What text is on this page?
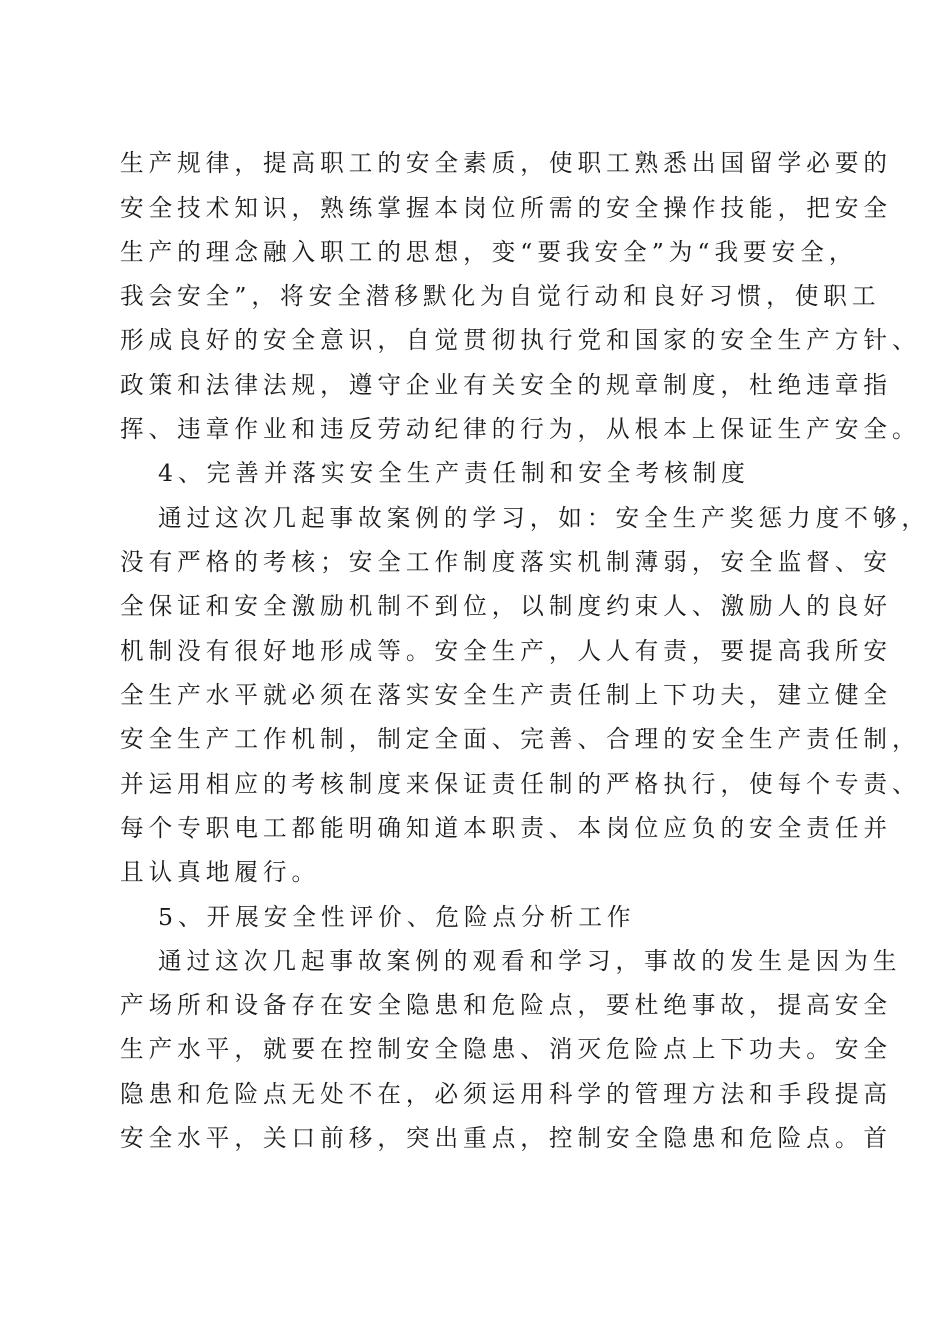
生产规律，提高职工的安全素质，使职工熟悉出国留学必要的
安全技术知识，熟练掌握本岗位所需的安全操作技能，把安全
生产的理念融入职工的思想，变“要我安全”为“我要安全，
我会安全”，将安全潜移默化为自觉行动和良好习惯，使职工
形成良好的安全意识，自觉贯彻执行党和国家的安全生产方针、
政策和法律法规，遵守企业有关安全的规章制度，杜绝违章指
挥、违章作业和违反劳动纪律的行为，从根本上保证生产安全。
4、完善并落实安全生产责任制和安全考核制度
通过这次几起事故案例的学习，如：安全生产奖惩力度不够，
没有严格的考核；安全工作制度落实机制薄弱，安全监督、安
全保证和安全激励机制不到位，以制度约束人、激励人的良好
机制没有很好地形成等。安全生产，人人有责，要提高我所安
全生产水平就必须在落实安全生产责任制上下功夫，建立健全
安全生产工作机制，制定全面、完善、合理的安全生产责任制，
并运用相应的考核制度来保证责任制的严格执行，使每个专责、
每个专职电工都能明确知道本职责、本岗位应负的安全责任并
且认真地履行。
5、开展安全性评价、危险点分析工作
通过这次几起事故案例的观看和学习，事故的发生是因为生
产场所和设备存在安全隐患和危险点，要杜绝事故，提高安全
生产水平，就要在控制安全隐患、消灭危险点上下功夫。安全
隐患和危险点无处不在，必须运用科学的管理方法和手段提高
安全水平，关口前移，突出重点，控制安全隐患和危险点。首
